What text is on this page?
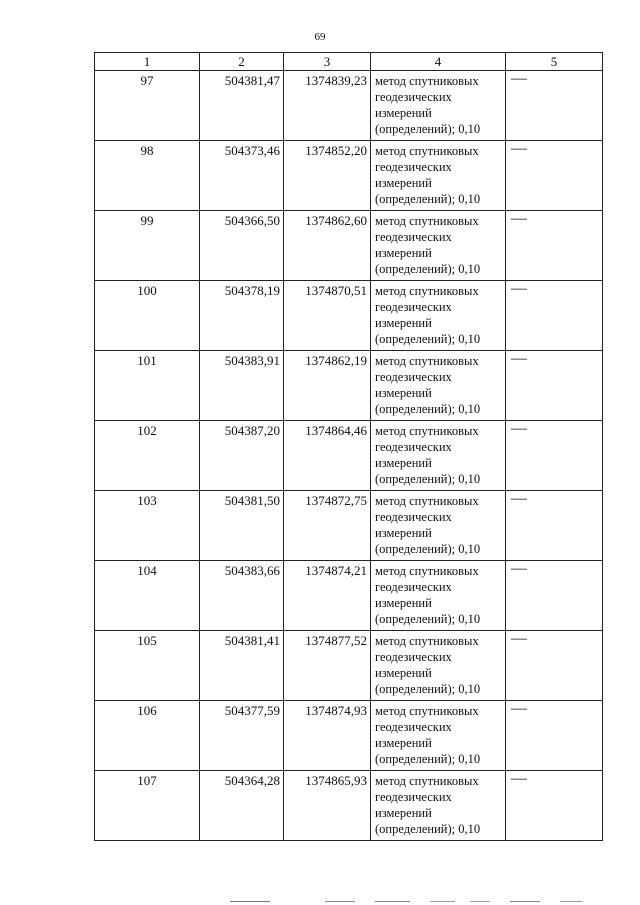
69
1	2	3	4	5
97	504381,47	1374839,23	метод спутниковых геодезических измерений (определений); 0,10	—
98	504373,46	1374852,20	метод спутниковых геодезических измерений (определений); 0,10	—
99	504366,50	1374862,60	метод спутниковых геодезических измерений (определений); 0,10	—
100	504378,19	1374870,51	метод спутниковых геодезических измерений (определений); 0,10	—
101	504383,91	1374862,19	метод спутниковых геодезических измерений (определений); 0,10	—
102	504387,20	1374864,46	метод спутниковых геодезических измерений (определений); 0,10	—
103	504381,50	1374872,75	метод спутниковых геодезических измерений (определений); 0,10	—
104	504383,66	1374874,21	метод спутниковых геодезических измерений (определений); 0,10	—
105	504381,41	1374877,52	метод спутниковых геодезических измерений (определений); 0,10	—
106	504377,59	1374874,93	метод спутниковых геодезических измерений (определений); 0,10	—
107	504364,28	1374865,93	метод спутниковых геодезических измерений (определений); 0,10	—
